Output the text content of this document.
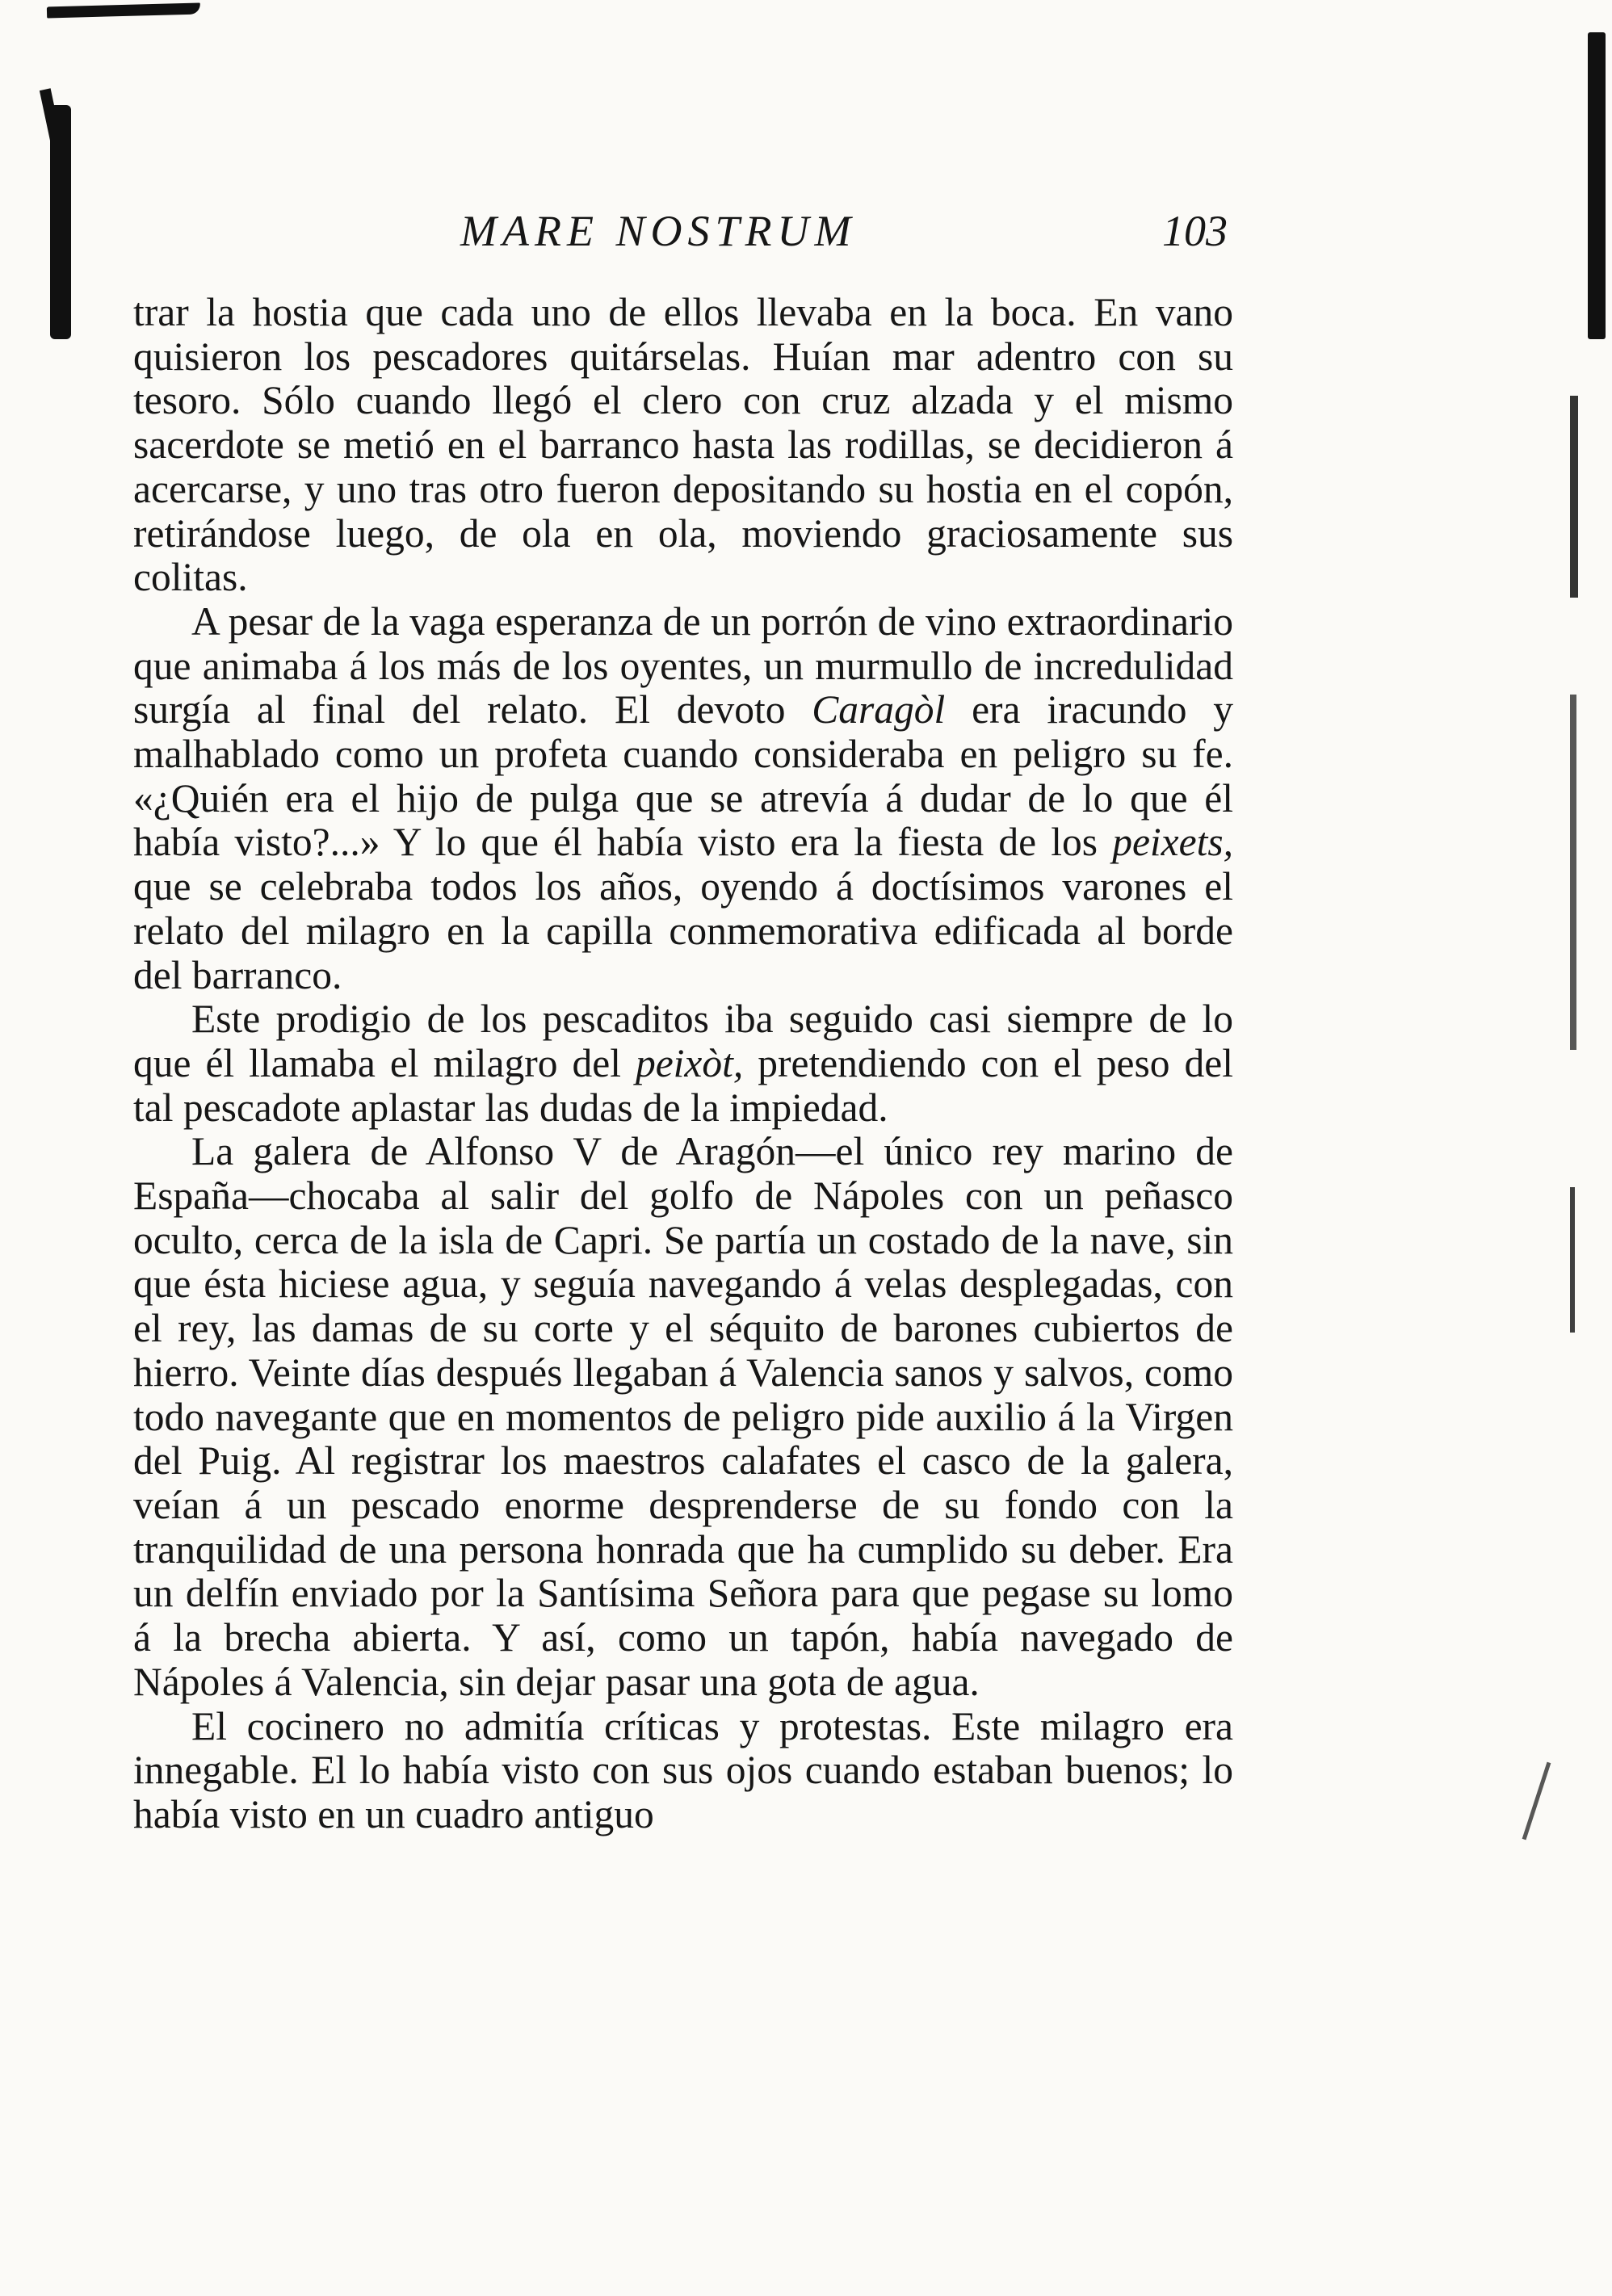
MARE NOSTRUM	103

trar la hostia que cada uno de ellos llevaba en la boca. En vano quisieron los pescadores quitárselas. Huían mar adentro con su tesoro. Sólo cuando llegó el clero con cruz alzada y el mismo sacerdote se metió en el barranco hasta las rodillas, se decidieron á acercarse, y uno tras otro fueron depositando su hostia en el copón, retirándose luego, de ola en ola, moviendo graciosamente sus colitas.

A pesar de la vaga esperanza de un porrón de vino extraordinario que animaba á los más de los oyentes, un murmullo de incredulidad surgía al final del relato. El devoto Caragòl era iracundo y malhablado como un profeta cuando consideraba en peligro su fe. «¿Quién era el hijo de pulga que se atrevía á dudar de lo que él había visto?...» Y lo que él había visto era la fiesta de los peixets, que se celebraba todos los años, oyendo á doctísimos varones el relato del milagro en la capilla conmemorativa edificada al borde del barranco.

Este prodigio de los pescaditos iba seguido casi siempre de lo que él llamaba el milagro del peixòt, pretendiendo con el peso del tal pescadote aplastar las dudas de la impiedad.

La galera de Alfonso V de Aragón—el único rey marino de España—chocaba al salir del golfo de Nápoles con un peñasco oculto, cerca de la isla de Capri. Se partía un costado de la nave, sin que ésta hiciese agua, y seguía navegando á velas desplegadas, con el rey, las damas de su corte y el séquito de barones cubiertos de hierro. Veinte días después llegaban á Valencia sanos y salvos, como todo navegante que en momentos de peligro pide auxilio á la Virgen del Puig. Al registrar los maestros calafates el casco de la galera, veían á un pescado enorme desprenderse de su fondo con la tranquilidad de una persona honrada que ha cumplido su deber. Era un delfín enviado por la Santísima Señora para que pegase su lomo á la brecha abierta. Y así, como un tapón, había navegado de Nápoles á Valencia, sin dejar pasar una gota de agua.

El cocinero no admitía críticas y protestas. Este milagro era innegable. El lo había visto con sus ojos cuando estaban buenos; lo había visto en un cuadro antiguo
